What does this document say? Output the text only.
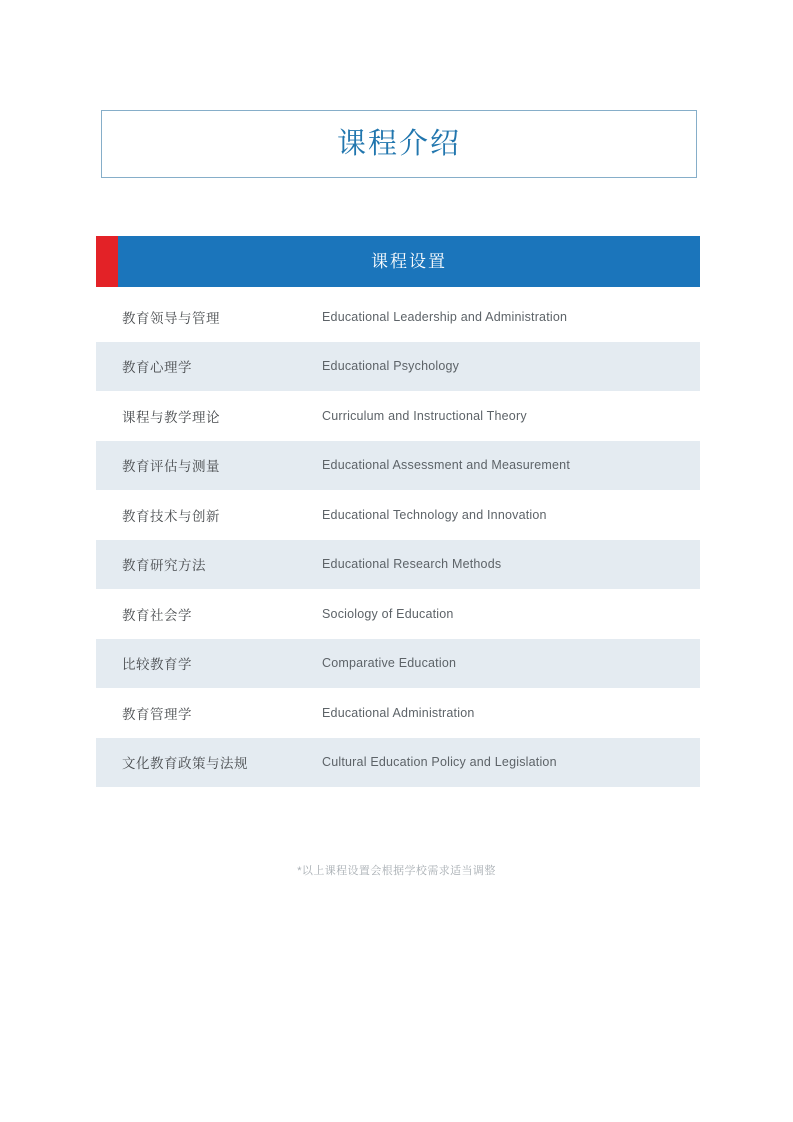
课程介绍
课程设置
教育领导与管理	Educational Leadership and Administration
教育心理学	Educational Psychology
课程与教学理论	Curriculum and Instructional Theory
教育评估与测量	Educational Assessment and Measurement
教育技术与创新	Educational Technology and Innovation
教育研究方法	Educational Research Methods
教育社会学	Sociology of Education
比较教育学	Comparative Education
教育管理学	Educational Administration
文化教育政策与法规	Cultural Education Policy and Legislation
*以上课程设置会根据学校需求适当调整
